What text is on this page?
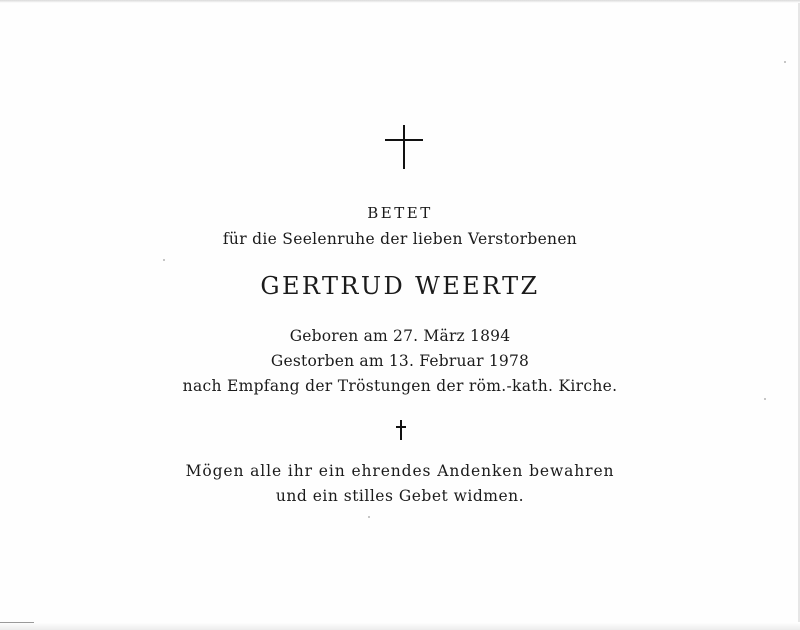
BETET
für die Seelenruhe der lieben Verstorbenen
GERTRUD WEERTZ
Geboren am 27. März 1894
Gestorben am 13. Februar 1978
nach Empfang der Tröstungen der röm.-kath. Kirche.
Mögen alle ihr ein ehrendes Andenken bewahren
und ein stilles Gebet widmen.
